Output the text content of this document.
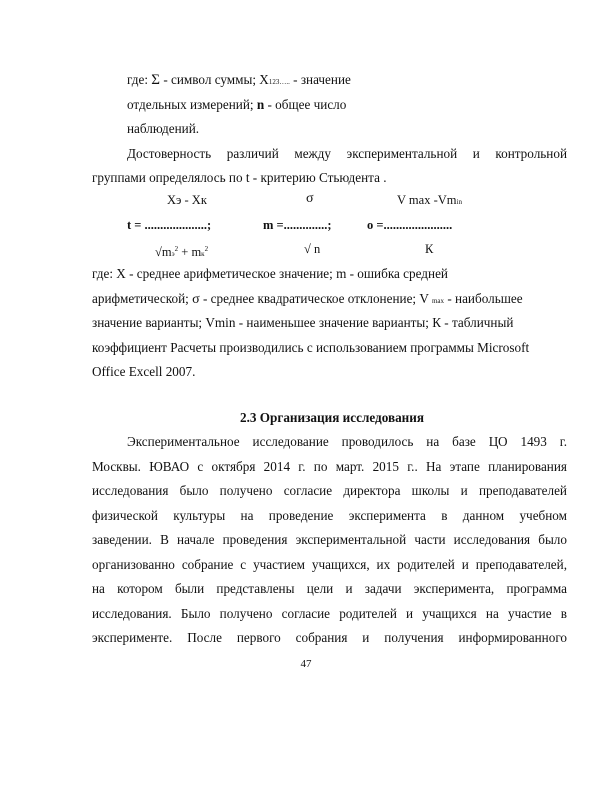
где: Σ - символ суммы; X123….. - значение
отдельных измерений; n - общее число
наблюдений.
Достоверность различий между экспериментальной и контрольной
группами определялось по t - критерию Стьюдента .
Xэ - Xк	σ	V max -Vmin
t = ....................;	m =..............;	o =......................
$√mэ^2 + mк^2$	√ n	К
где: X - среднее арифметическое значение; m - ошибка средней
арифметической; σ - среднее квадратическое отклонение; V max - наибольшее
значение варианты; Vmin - наименьшее значение варианты; К - табличный
коэффициент Расчеты производились с использованием программы Microsoft
Office Excell 2007.
2.3 Организация исследования
Экспериментальное исследование проводилось на базе ЦО 1493 г.
Москвы. ЮВАО с октября 2014 г. по март. 2015 г.. На этапе планирования
исследования было получено согласие директора школы и преподавателей
физической культуры на проведение эксперимента в данном учебном
заведении. В начале проведения экспериментальной части исследования было
организованно собрание с участием учащихся, их родителей и преподавателей,
на котором были представлены цели и задачи эксперимента, программа
исследования. Было получено согласие родителей и учащихся на участие в
эксперименте. После первого собрания и получения информированного
47
